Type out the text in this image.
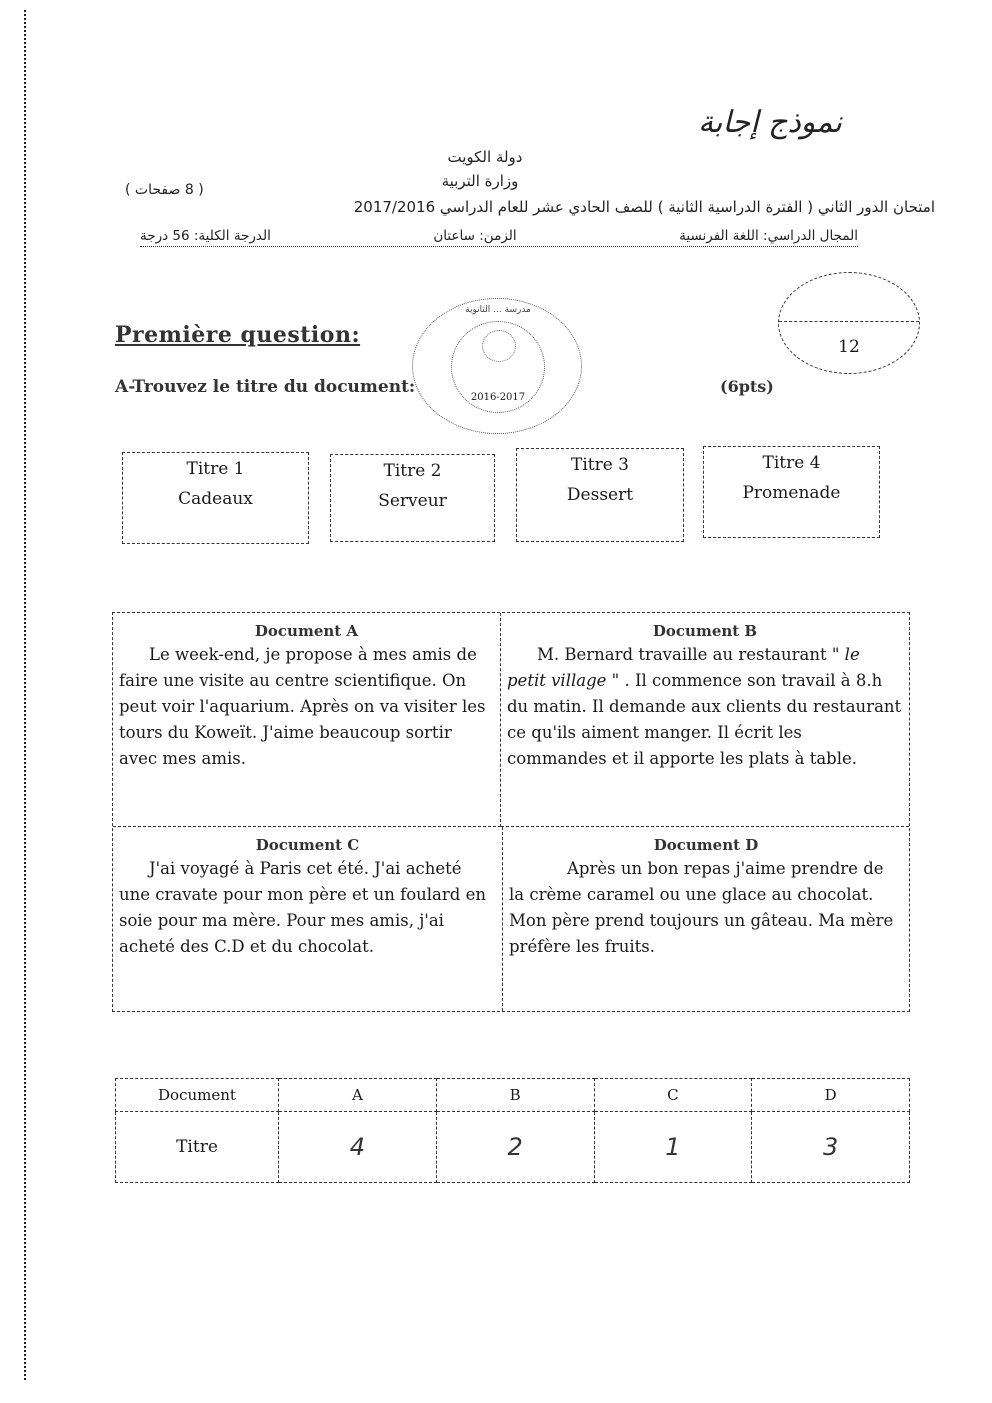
نموذج إجابة
دولة الكويت
وزارة التربية
( 8 صفحات )
امتحان الدور الثاني ( الفترة الدراسية الثانية ) للصف الحادي عشر للعام الدراسي 2017/2016
المجال الدراسي: اللغة الفرنسية
الزمن: ساعتان
الدرجة الكلية: 56 درجة
12
مدرسة ... الثانوية
2016-2017
Première question:
A-Trouvez le titre du document:	(6pts)
Titre 1
Cadeaux
Titre 2
Serveur
Titre 3
Dessert
Titre 4
Promenade
Document A
Le week-end, je propose à mes amis de faire une visite au centre scientifique. On peut voir l'aquarium. Après on va visiter les tours du Koweït. J'aime beaucoup sortir avec mes amis.
Document B
M. Bernard travaille au restaurant " le petit village " . Il commence son travail à 8.h du matin. Il demande aux clients du restaurant ce qu'ils aiment manger. Il écrit les commandes et il apporte les plats à table.
Document C
J'ai voyagé à Paris cet été. J'ai acheté une cravate pour mon père et un foulard en soie pour ma mère. Pour mes amis, j'ai acheté des C.D et du chocolat.
Document D
Après un bon repas j'aime prendre de la crème caramel ou une glace au chocolat. Mon père prend toujours un gâteau. Ma mère préfère les fruits.
Document	A	B	C	D
Titre	4	2	1	3
